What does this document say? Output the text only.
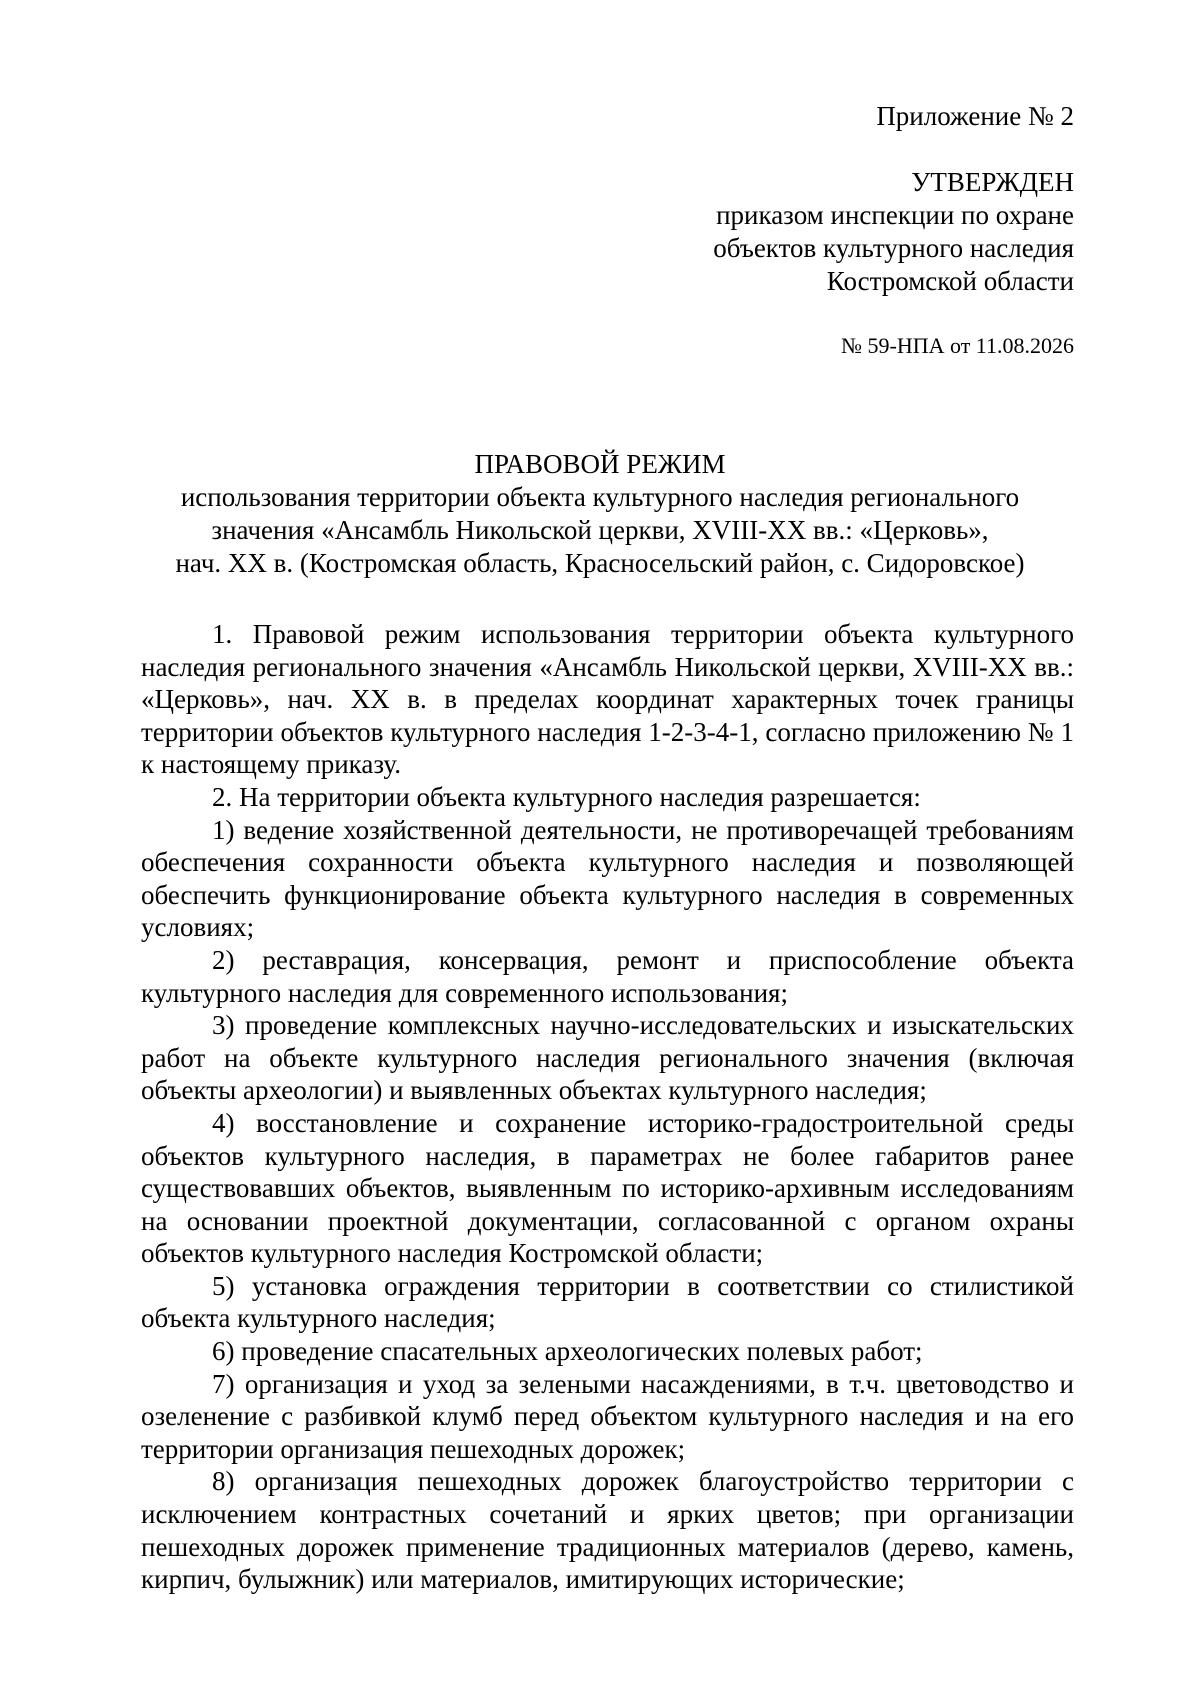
Приложение № 2
УТВЕРЖДЕН
приказом инспекции по охране
объектов культурного наследия
Костромской области
№ 59-НПА от 11.08.2026
ПРАВОВОЙ РЕЖИМ
использования территории объекта культурного наследия регионального
значения «Ансамбль Никольской церкви, XVIII-XX вв.: «Церковь»,
нач. XX в. (Костромская область, Красносельский район, с. Сидоровское)

1. Правовой режим использования территории объекта культурного наследия регионального значения «Ансамбль Никольской церкви, XVIII-XX вв.: «Церковь», нач. XX в. в пределах координат характерных точек границы территории объектов культурного наследия 1-2-3-4-1, согласно приложению № 1 к настоящему приказу.

2. На территории объекта культурного наследия разрешается:

1) ведение хозяйственной деятельности, не противоречащей требованиям обеспечения сохранности объекта культурного наследия и позволяющей обеспечить функционирование объекта культурного наследия в современных условиях;

2) реставрация, консервация, ремонт и приспособление объекта культурного наследия для современного использования;

3) проведение комплексных научно-исследовательских и изыскательских работ на объекте культурного наследия регионального значения (включая объекты археологии) и выявленных объектах культурного наследия;

4) восстановление и сохранение историко-градостроительной среды объектов культурного наследия, в параметрах не более габаритов ранее существовавших объектов, выявленным по историко-архивным исследованиям на основании проектной документации, согласованной с органом охраны объектов культурного наследия Костромской области;

5) установка ограждения территории в соответствии со стилистикой объекта культурного наследия;

6) проведение спасательных археологических полевых работ;

7) организация и уход за зелеными насаждениями, в т.ч. цветоводство и озеленение с разбивкой клумб перед объектом культурного наследия и на его территории организация пешеходных дорожек;

8) организация пешеходных дорожек благоустройство территории с исключением контрастных сочетаний и ярких цветов; при организации пешеходных дорожек применение традиционных материалов (дерево, камень, кирпич, булыжник) или материалов, имитирующих исторические;
